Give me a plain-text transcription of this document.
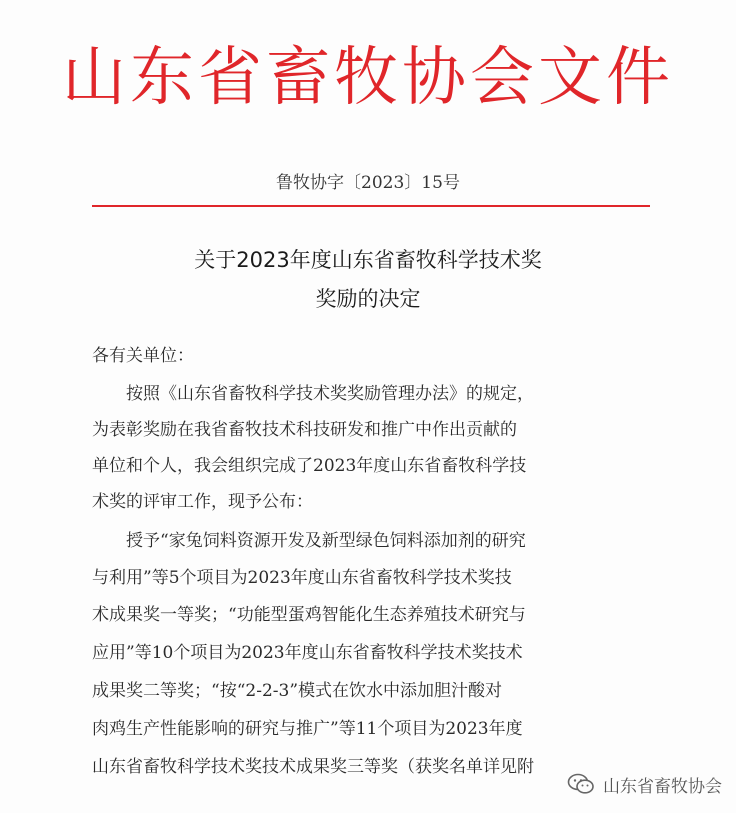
山东省畜牧协会文件
鲁牧协字〔2023〕15号
关于2023年度山东省畜牧科学技术奖
奖励的决定
各有关单位：
　　按照《山东省畜牧科学技术奖奖励管理办法》的规定，
为表彰奖励在我省畜牧技术科技研发和推广中作出贡献的
单位和个人，我会组织完成了2023年度山东省畜牧科学技
术奖的评审工作，现予公布：
　　授予“家兔饲料资源开发及新型绿色饲料添加剂的研究
与利用”等5个项目为2023年度山东省畜牧科学技术奖技
术成果奖一等奖；“功能型蛋鸡智能化生态养殖技术研究与
应用”等10个项目为2023年度山东省畜牧科学技术奖技术
成果奖二等奖；“按“2-2-3”模式在饮水中添加胆汁酸对
肉鸡生产性能影响的研究与推广”等11个项目为2023年度
山东省畜牧科学技术奖技术成果奖三等奖（获奖名单详见附
山东省畜牧协会
